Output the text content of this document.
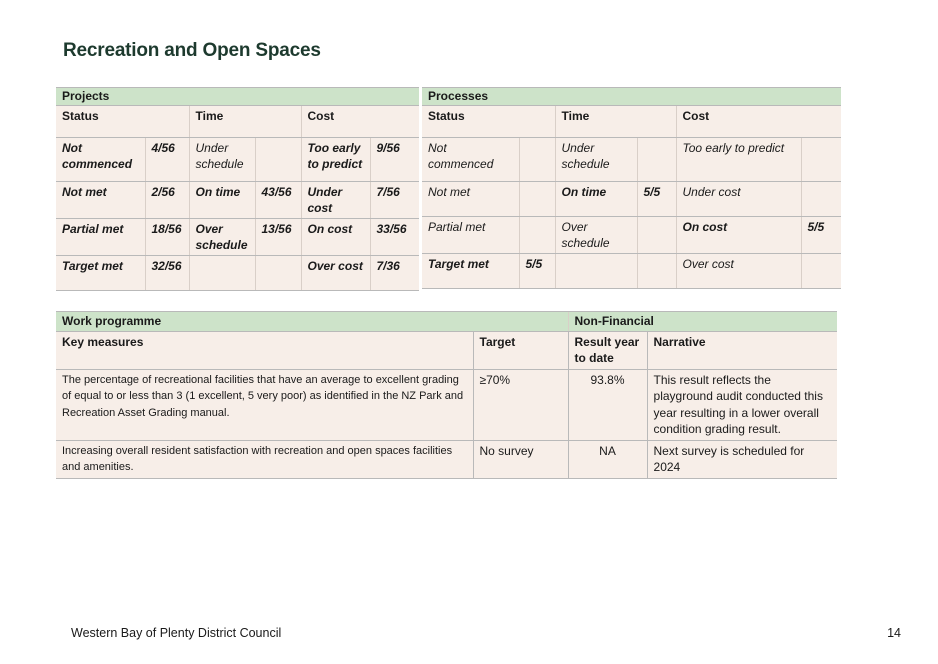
Recreation and Open Spaces
Projects					
Status		Time		Cost	
Not commenced	4/56	Under schedule		Too early to predict	9/56
Not met	2/56	On time	43/56	Under cost	7/56
Partial met	18/56	Over schedule	13/56	On cost	33/56
Target met	32/56			Over cost	7/36
Processes					
Status		Time		Cost	
Not commenced		Under schedule		Too early to predict	
Not met		On time	5/5	Under cost	
Partial met		Over schedule		On cost	5/5
Target met	5/5			Over cost	
Work programme		Non-Financial	
Key measures	Target	Result year to date	Narrative
The percentage of recreational facilities that have an average to excellent grading of equal to or less than 3 (1 excellent, 5 very poor) as identified in the NZ Park and Recreation Asset Grading manual.	≥70%	93.8%	This result reflects the playground audit conducted this year resulting in a lower overall condition grading result.
Increasing overall resident satisfaction with recreation and open spaces facilities and amenities.	No survey	NA	Next survey is scheduled for 2024
Western Bay of Plenty District Council	14
